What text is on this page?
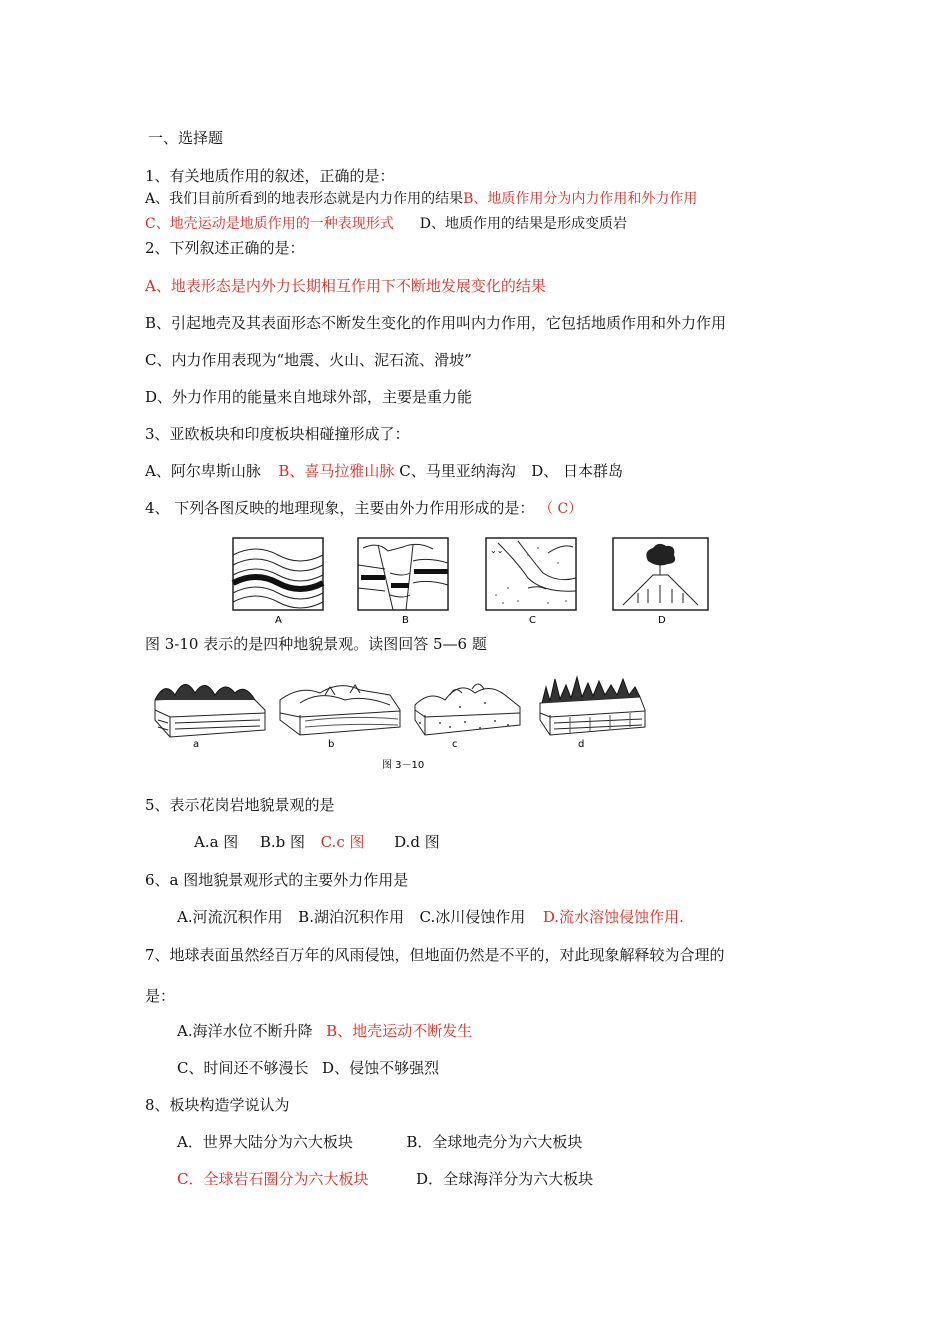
一、选择题
1、有关地质作用的叙述，正确的是：
A、我们目前所看到的地表形态就是内力作用的结果B、地质作用分为内力作用和外力作用
C、地壳运动是地质作用的一种表现形式 D、地质作用的结果是形成变质岩
2、下列叙述正确的是：
A、地表形态是内外力长期相互作用下不断地发展变化的结果
B、引起地壳及其表面形态不断发生变化的作用叫内力作用，它包括地质作用和外力作用
C、内力作用表现为“地震、火山、泥石流、滑坡”
D、外力作用的能量来自地球外部，主要是重力能
3、亚欧板块和印度板块相碰撞形成了：
A、阿尔卑斯山脉 B、喜马拉雅山脉 C、马里亚纳海沟 D、 日本群岛
4、 下列各图反映的地理现象，主要由外力作用形成的是： （ C）
⌄⌄
A	B	C	D
图 3-10 表示的是四种地貌景观。读图回答 5—6 题
a	b	c	d
图 3－10
5、表示花岗岩地貌景观的是
A.a 图 B.b 图 C.c 图 D.d 图
6、a 图地貌景观形式的主要外力作用是
A.河流沉积作用 B.湖泊沉积作用 C.冰川侵蚀作用 D.流水溶蚀侵蚀作用.
7、地球表面虽然经百万年的风雨侵蚀，但地面仍然是不平的，对此现象解释较为合理的
是：
A.海洋水位不断升降 B、地壳运动不断发生
C、时间还不够漫长 D、侵蚀不够强烈
8、板块构造学说认为
A．世界大陆分为六大板块	B．全球地壳分为六大板块
C．全球岩石圈分为六大板块	D．全球海洋分为六大板块
